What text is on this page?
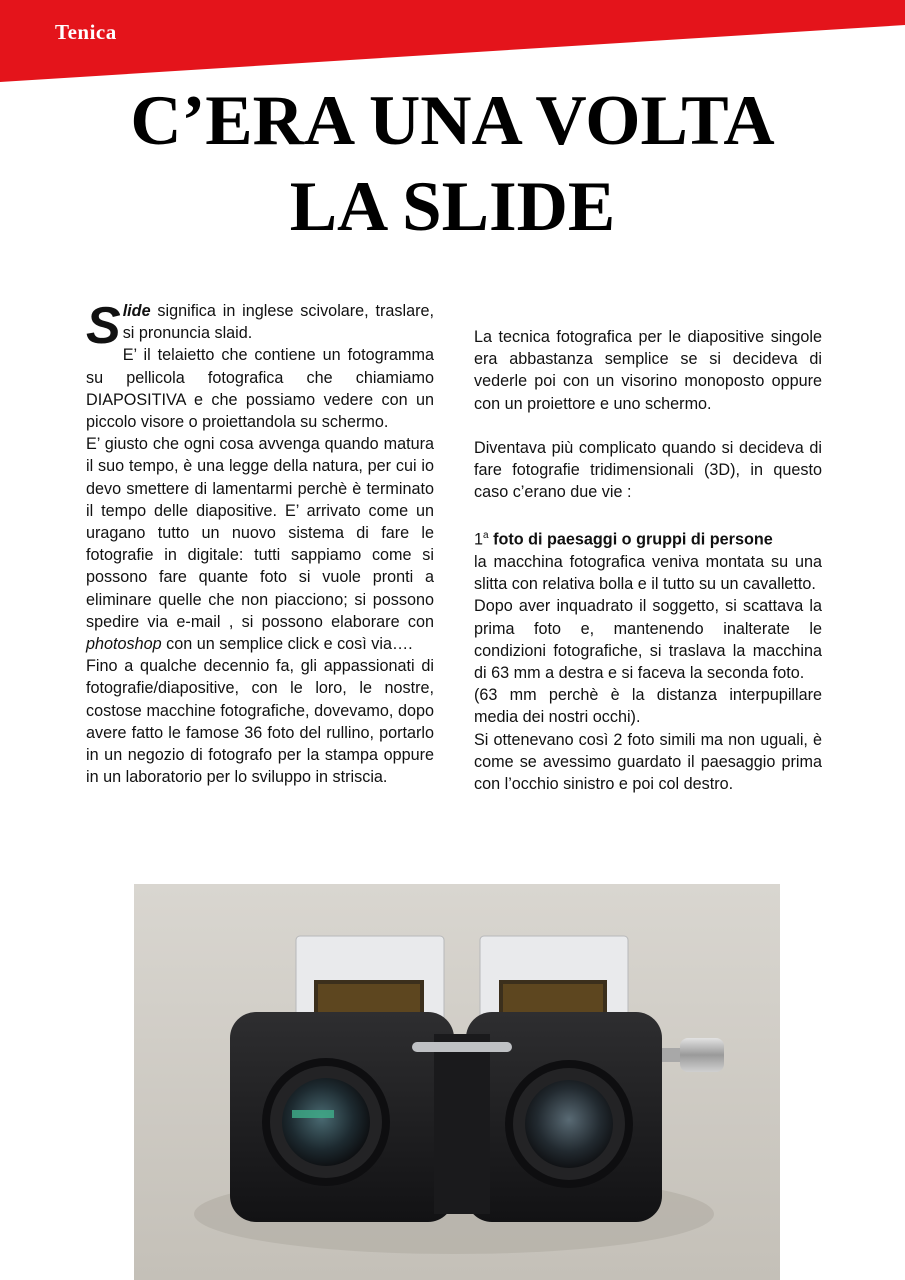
Tenica
C’ERA UNA VOLTA
LA SLIDE

Slide significa in inglese scivolare, traslare, si pronuncia slaid.

E’ il telaietto che contiene un fotogramma su pellicola fotografica che chiamiamo DIAPOSITIVA e che possiamo vedere con un piccolo visore o proiettandola su schermo.

E’ giusto che ogni cosa avvenga quando matura il suo tempo, è una legge della natura, per cui io devo smettere di lamentarmi perchè è terminato il tempo delle diapositive. E’ arrivato come un uragano tutto un nuovo sistema di fare le fotografie in digitale: tutti sappiamo come si possono fare quante foto si vuole pronti a eliminare quelle che non piacciono; si possono spedire via e-mail , si possono elaborare con photoshop con un semplice click e così via….

Fino a qualche decennio fa, gli appassionati di fotografie/diapositive, con le loro, le nostre, costose macchine fotografiche, dovevamo, dopo avere fatto le famose 36 foto del rullino, portarlo in un negozio di fotografo per la stampa oppure in un laboratorio per lo sviluppo in striscia.

La tecnica fotografica per le diapositive singole era abbastanza semplice se si decideva di vederle poi con un visorino monoposto oppure con un proiettore e uno schermo.

Diventava più complicato quando si decideva di fare fotografie tridimensionali (3D), in questo caso c’erano due vie :

1$^a$ foto di paesaggi o gruppi di persone

la macchina fotografica veniva montata su una slitta con relativa bolla e il tutto su un cavalletto.

Dopo aver inquadrato il soggetto, si scattava la prima foto e, mantenendo inalterate le condizioni fotografiche, si traslava la macchina di 63 mm a destra e si faceva la seconda foto.

(63 mm perchè è la distanza interpupillare media dei nostri occhi).

Si ottenevano così 2 foto simili ma non uguali, è come se avessimo guardato il paesaggio prima con l’occhio sinistro e poi col destro.
